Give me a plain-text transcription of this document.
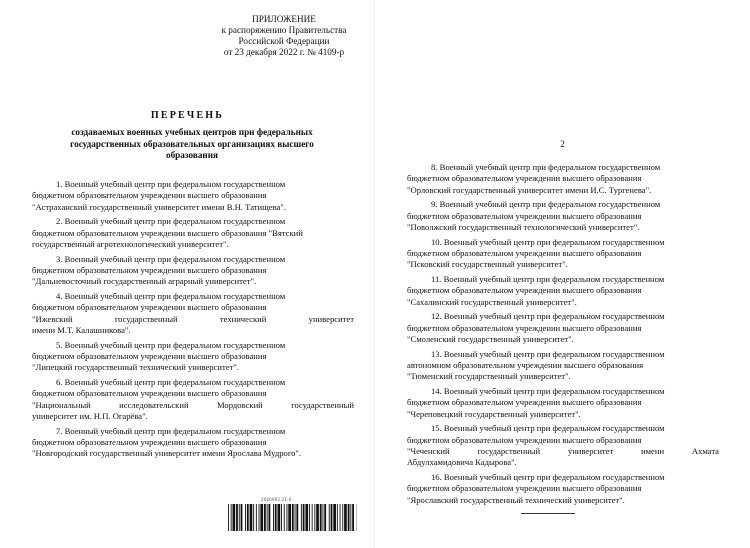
ПРИЛОЖЕНИЕ
к распоряжению Правительства
Российской Федерации
от 23 декабря 2022 г. № 4109-р
ПЕРЕЧЕНЬ
создаваемых военных учебных центров при федеральных
государственных образовательных организациях высшего
образования
1. Военный учебный центр при федеральном государственном
бюджетном образовательном учреждении высшего образования
"Астраханский государственный университет имени В.Н. Татищева".
2. Военный учебный центр при федеральном государственном
бюджетном образовательном учреждении высшего образования "Вятский
государственный агротехнологический университет".
3. Военный учебный центр при федеральном государственном
бюджетном образовательном учреждении высшего образования
"Дальневосточный государственный аграрный университет".
4. Военный учебный центр при федеральном государственном
бюджетном образовательном учреждении высшего образования
"Ижевский	государственный	технический	университет
имени М.Т. Калашникова".
5. Военный учебный центр при федеральном государственном
бюджетном образовательном учреждении высшего образования
"Липецкий государственный технический университет".
6. Военный учебный центр при федеральном государственном
бюджетном образовательном учреждении высшего образования
"Национальный	исследовательский	Мордовский	государственный
университет им. Н.П. Огарёва".
7. Военный учебный центр при федеральном государственном
бюджетном образовательном учреждении высшего образования
"Новгородский государственный университет имени Ярослава Мудрого".
2066992.21-6
2
8. Военный учебный центр при федеральном государственном
бюджетном образовательном учреждении высшего образования
"Орловский государственный университет имени И.С. Тургенева".
9. Военный учебный центр при федеральном государственном
бюджетном образовательном учреждении высшего образования
"Поволжский государственный технологический университет".
10. Военный учебный центр при федеральном государственном
бюджетном образовательном учреждении высшего образования
"Псковский государственный университет".
11. Военный учебный центр при федеральном государственном
бюджетном образовательном учреждении высшего образования
"Сахалинский государственный университет".
12. Военный учебный центр при федеральном государственном
бюджетном образовательном учреждении высшего образования
"Смоленский государственный университет".
13. Военный учебный центр при федеральном государственном
автономном образовательном учреждении высшего образования
"Тюменский государственный университет".
14. Военный учебный центр при федеральном государственном
бюджетном образовательном учреждении высшего образования
"Череповецкий государственный университет".
15. Военный учебный центр при федеральном государственном
бюджетном образовательном учреждении высшего образования
"Чеченский	государственный	университет	имени	Ахмата
Абдулхамидовича Кадырова".
16. Военный учебный центр при федеральном государственном
бюджетном образовательном учреждении высшего образования
"Ярославский государственный технический университет".
